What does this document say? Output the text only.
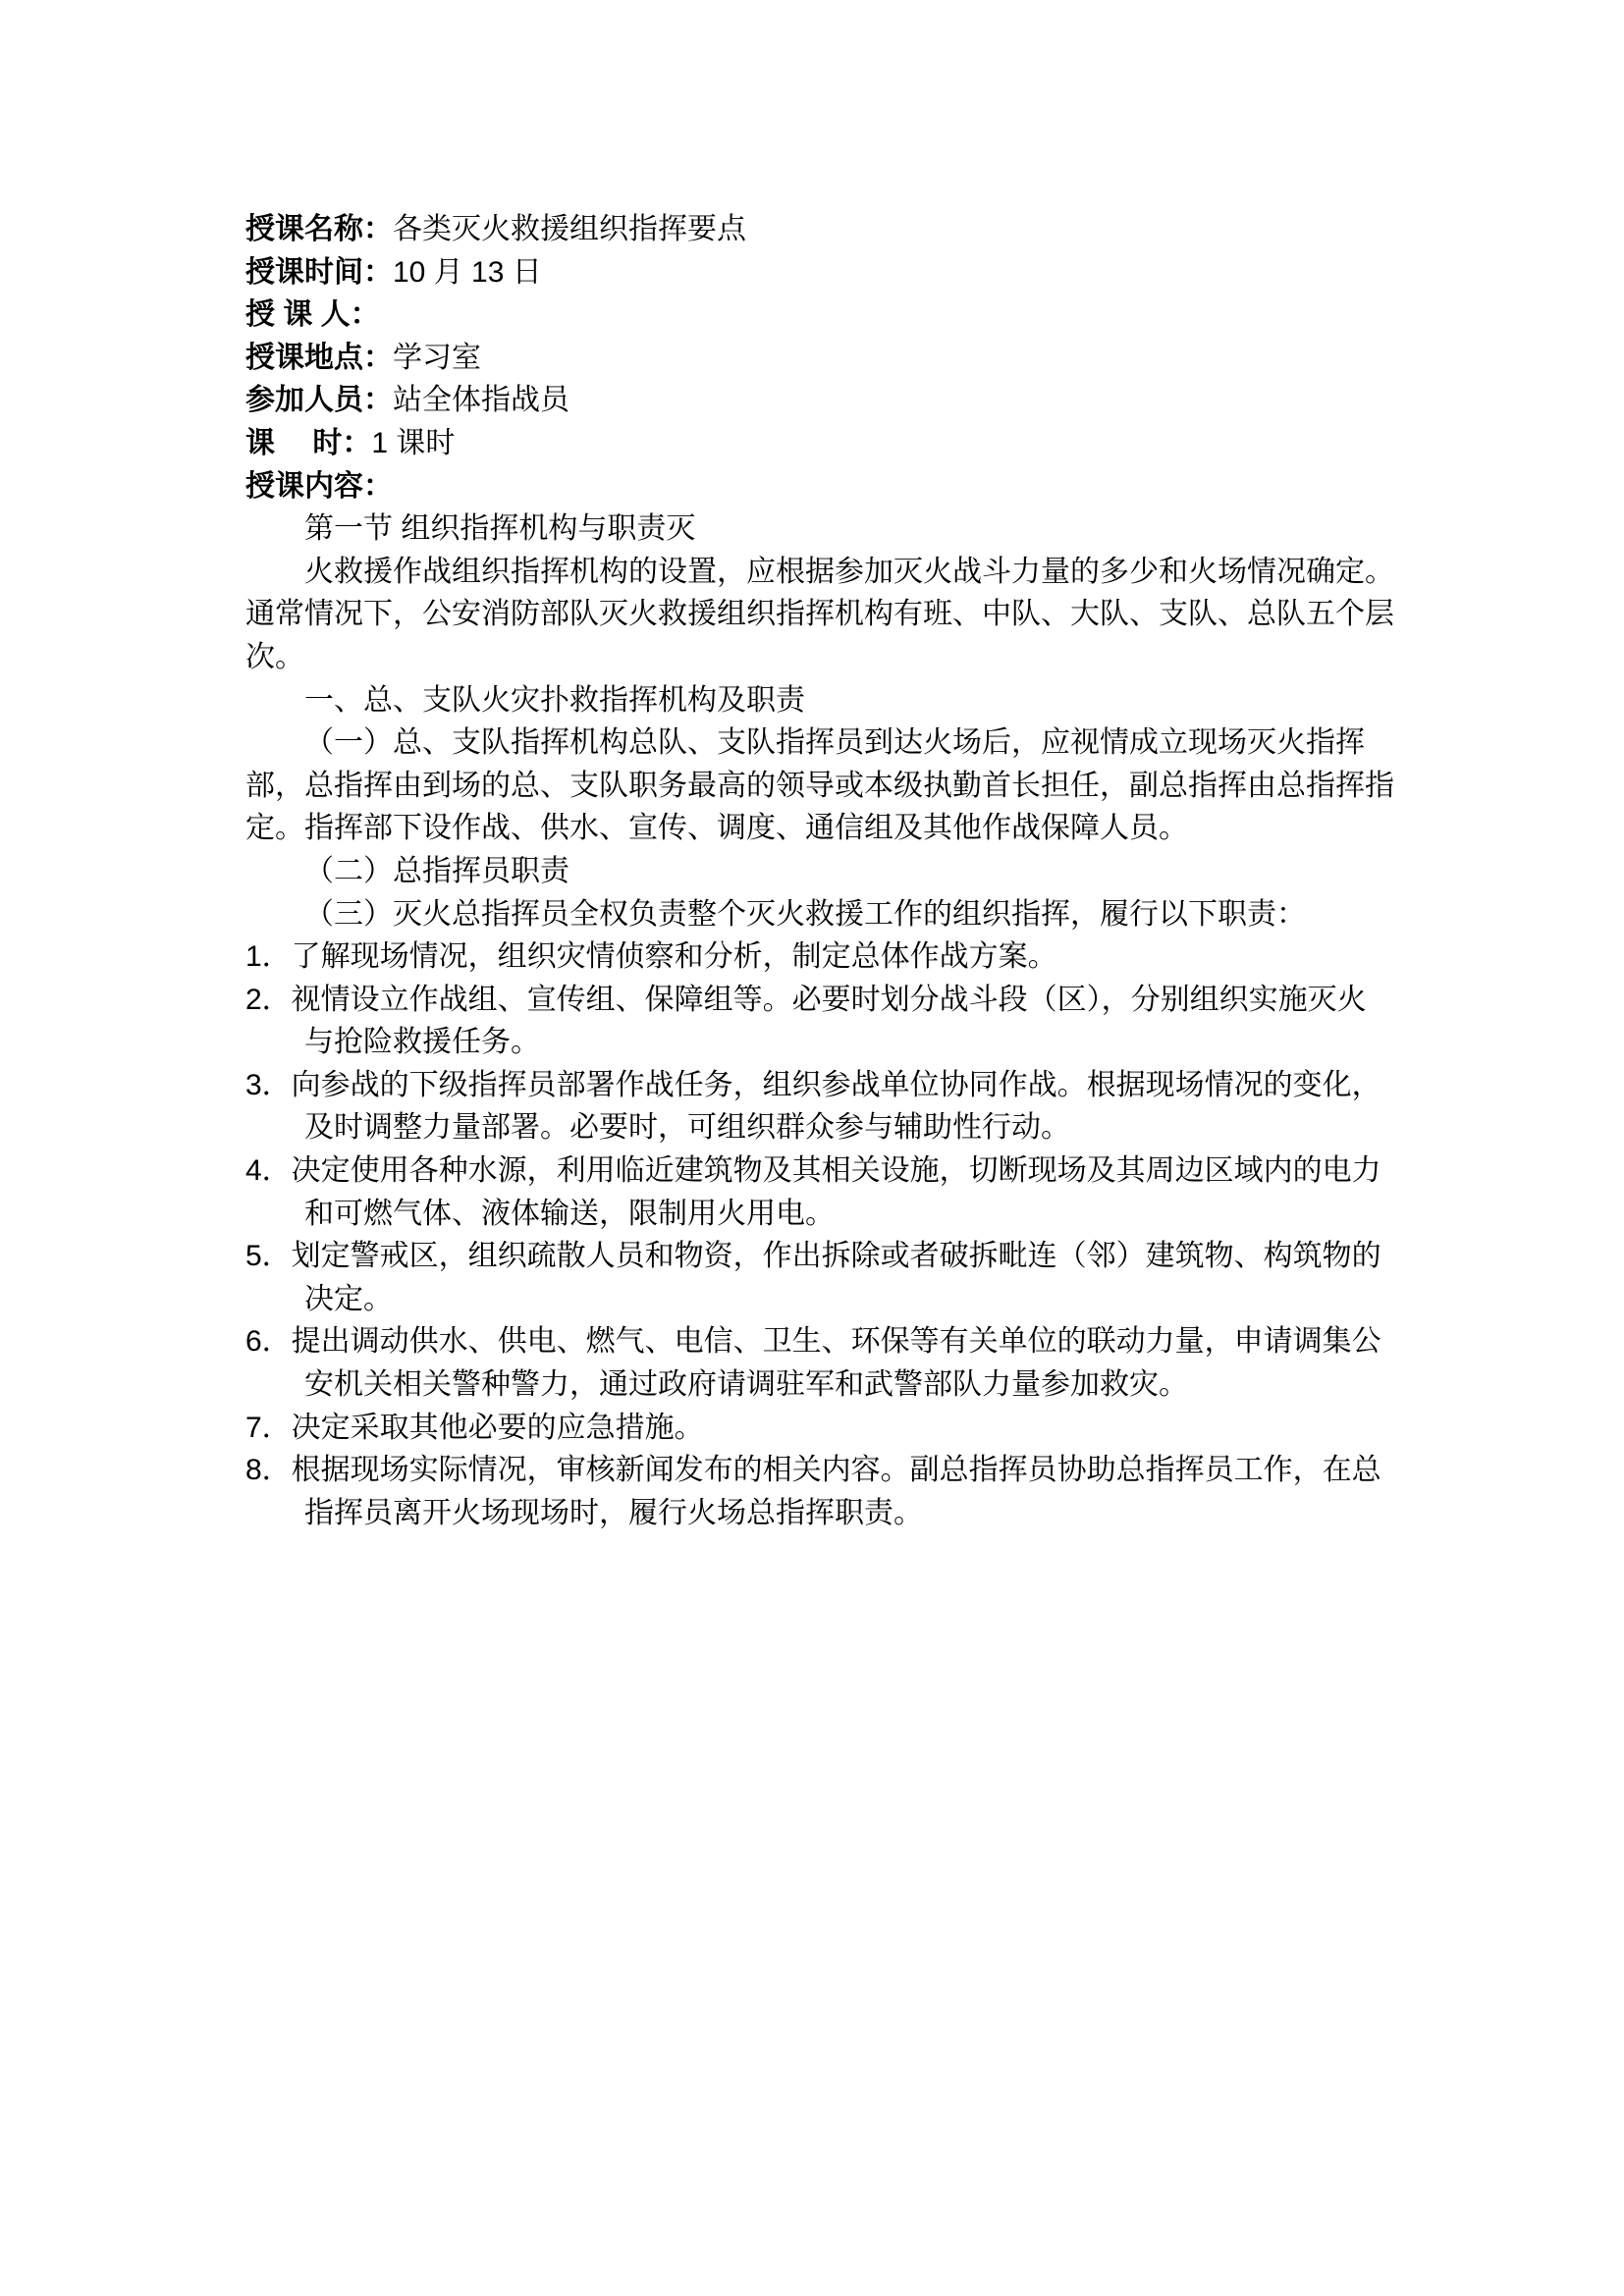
授课名称：各类灭火救援组织指挥要点
授课时间：10 月 13 日
授 课 人：
授课地点：学习室
参加人员：站全体指战员
课　 时：1 课时
授课内容：
第一节 组织指挥机构与职责灭
火救援作战组织指挥机构的设置，应根据参加灭火战斗力量的多少和火场情况确定。
通常情况下，公安消防部队灭火救援组织指挥机构有班、中队、大队、支队、总队五个层
次。
一、总、支队火灾扑救指挥机构及职责
（一）总、支队指挥机构总队、支队指挥员到达火场后，应视情成立现场灭火指挥
部，总指挥由到场的总、支队职务最高的领导或本级执勤首长担任，副总指挥由总指挥指
定。指挥部下设作战、供水、宣传、调度、通信组及其他作战保障人员。
（二）总指挥员职责
（三）灭火总指挥员全权负责整个灭火救援工作的组织指挥，履行以下职责：
1．了解现场情况，组织灾情侦察和分析，制定总体作战方案。
2．视情设立作战组、宣传组、保障组等。必要时划分战斗段（区），分别组织实施灭火
与抢险救援任务。
3．向参战的下级指挥员部署作战任务，组织参战单位协同作战。根据现场情况的变化，
及时调整力量部署。必要时，可组织群众参与辅助性行动。
4．决定使用各种水源，利用临近建筑物及其相关设施，切断现场及其周边区域内的电力
和可燃气体、液体输送，限制用火用电。
5．划定警戒区，组织疏散人员和物资，作出拆除或者破拆毗连（邻）建筑物、构筑物的
决定。
6．提出调动供水、供电、燃气、电信、卫生、环保等有关单位的联动力量，申请调集公
安机关相关警种警力，通过政府请调驻军和武警部队力量参加救灾。
7．决定采取其他必要的应急措施。
8．根据现场实际情况，审核新闻发布的相关内容。副总指挥员协助总指挥员工作，在总
指挥员离开火场现场时，履行火场总指挥职责。
